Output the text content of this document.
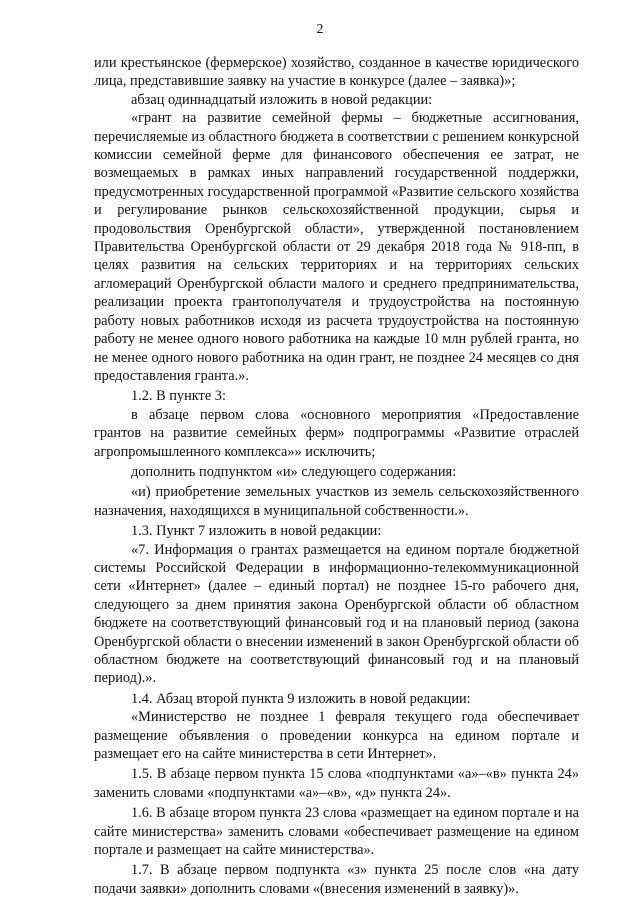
2

или крестьянское (фермерское) хозяйство, созданное в качестве юридического лица, представившие заявку на участие в конкурсе (далее – заявка)»;

абзац одиннадцатый изложить в новой редакции:

«грант на развитие семейной фермы – бюджетные ассигнования, перечисляемые из областного бюджета в соответствии с решением конкурсной комиссии семейной ферме для финансового обеспечения ее затрат, не возмещаемых в рамках иных направлений государственной поддержки, предусмотренных государственной программой «Развитие сельского хозяйства и регулирование рынков сельскохозяйственной продукции, сырья и продовольствия Оренбургской области», утвержденной постановлением Правительства Оренбургской области от 29 декабря 2018 года № 918-пп, в целях развития на сельских территориях и на территориях сельских агломераций Оренбургской области малого и среднего предпринимательства, реализации проекта грантополучателя и трудоустройства на постоянную работу новых работников исходя из расчета трудоустройства на постоянную работу не менее одного нового работника на каждые 10 млн рублей гранта, но не менее одного нового работника на один грант, не позднее 24 месяцев со дня предоставления гранта.».

1.2. В пункте 3:

в абзаце первом слова «основного мероприятия «Предоставление грантов на развитие семейных ферм» подпрограммы «Развитие отраслей агропромышленного комплекса»» исключить;

дополнить подпунктом «и» следующего содержания:

«и) приобретение земельных участков из земель сельскохозяйственного назначения, находящихся в муниципальной собственности.».

1.3. Пункт 7 изложить в новой редакции:

«7. Информация о грантах размещается на едином портале бюджетной системы Российской Федерации в информационно-телекоммуникационной сети «Интернет» (далее – единый портал) не позднее 15-го рабочего дня, следующего за днем принятия закона Оренбургской области об областном бюджете на соответствующий финансовый год и на плановый период (закона Оренбургской области о внесении изменений в закон Оренбургской области об областном бюджете на соответствующий финансовый год и на плановый период).».

1.4. Абзац второй пункта 9 изложить в новой редакции:

«Министерство не позднее 1 февраля текущего года обеспечивает размещение объявления о проведении конкурса на едином портале и размещает его на сайте министерства в сети Интернет».

1.5. В абзаце первом пункта 15 слова «подпунктами «а»–«в» пункта 24» заменить словами «подпунктами «а»–«в», «д» пункта 24».

1.6. В абзаце втором пункта 23 слова «размещает на едином портале и на сайте министерства» заменить словами «обеспечивает размещение на едином портале и размещает на сайте министерства».

1.7. В абзаце первом подпункта «з» пункта 25 после слов «на дату подачи заявки» дополнить словами «(внесения изменений в заявку)».
